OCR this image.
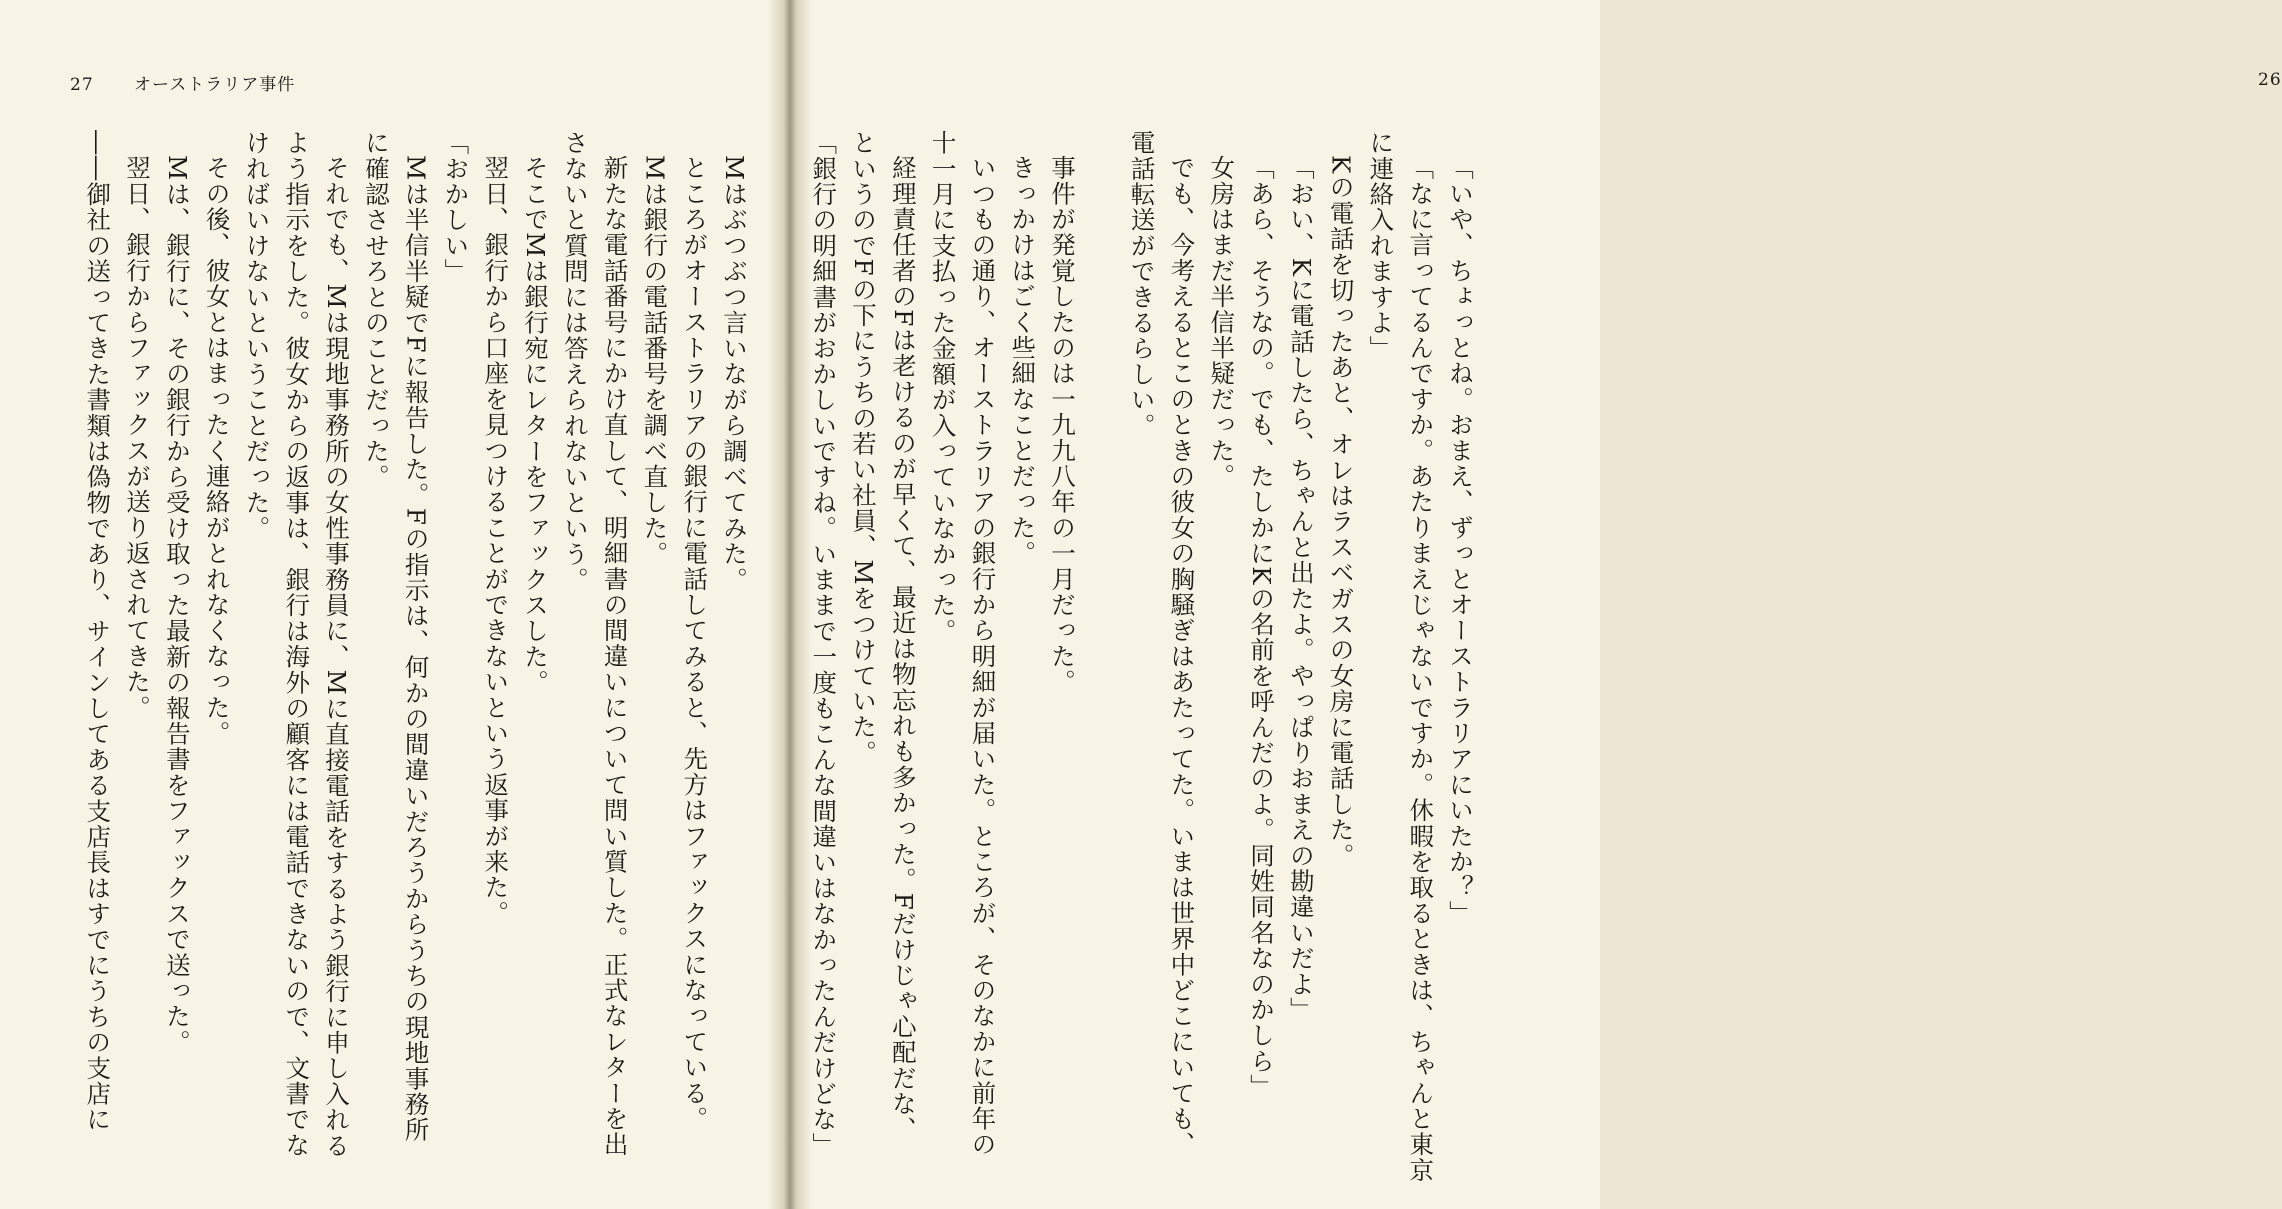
27 オーストラリア事件	26
「いや、ちょっとね。おまえ、ずっとオーストラリアにいたか？」
「なに言ってるんですか。あたりまえじゃないですか。休暇を取るときは、ちゃんと東京
に連絡入れますよ」
Kの電話を切ったあと、オレはラスベガスの女房に電話した。
「おい、Kに電話したら、ちゃんと出たよ。やっぱりおまえの勘違いだよ」
「あら、そうなの。でも、たしかにKの名前を呼んだのよ。同姓同名なのかしら」
女房はまだ半信半疑だった。
でも、今考えるとこのときの彼女の胸騒ぎはあたってた。いまは世界中どこにいても、
電話転送ができるらしい。
事件が発覚したのは一九九八年の一月だった。
きっかけはごく些細なことだった。
いつもの通り、オーストラリアの銀行から明細が届いた。ところが、そのなかに前年の
十一月に支払った金額が入っていなかった。
経理責任者のFは老けるのが早くて、最近は物忘れも多かった。Fだけじゃ心配だな、
というのでFの下にうちの若い社員、Mをつけていた。
「銀行の明細書がおかしいですね。いままで一度もこんな間違いはなかったんだけどな」
Mはぶつぶつ言いながら調べてみた。
ところがオーストラリアの銀行に電話してみると、先方はファックスになっている。
Mは銀行の電話番号を調べ直した。
新たな電話番号にかけ直して、明細書の間違いについて問い質した。正式なレターを出
さないと質問には答えられないという。
そこでMは銀行宛にレターをファックスした。
翌日、銀行から口座を見つけることができないという返事が来た。
「おかしい」
Mは半信半疑でFに報告した。Fの指示は、何かの間違いだろうからうちの現地事務所
に確認させろとのことだった。
それでも、Mは現地事務所の女性事務員に、Mに直接電話をするよう銀行に申し入れる
よう指示をした。彼女からの返事は、銀行は海外の顧客には電話できないので、文書でな
ければいけないということだった。
その後、彼女とはまったく連絡がとれなくなった。
Mは、銀行に、その銀行から受け取った最新の報告書をファックスで送った。
翌日、銀行からファックスが送り返されてきた。
――御社の送ってきた書類は偽物であり、サインしてある支店長はすでにうちの支店に
